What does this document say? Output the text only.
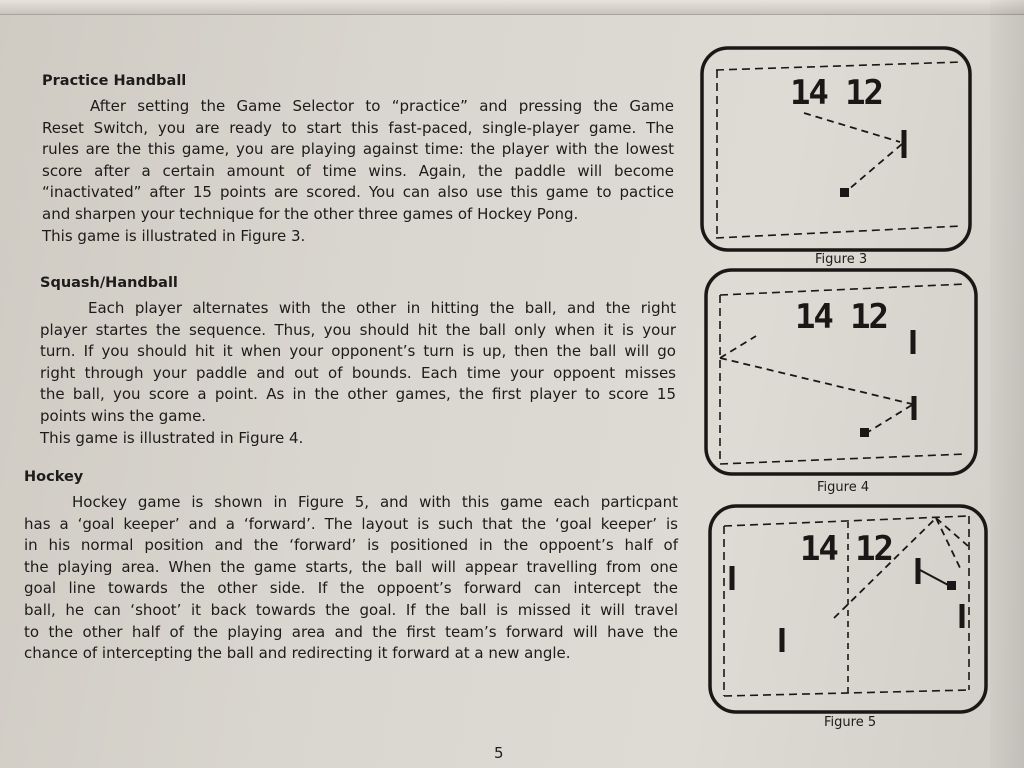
Practice Handball
After setting the Game Selector to “practice” and pressing the Game
Reset Switch, you are ready to start this fast-paced, single-player game. The
rules are the this game, you are playing against time: the player with the lowest
score after a certain amount of time wins. Again, the paddle will become
“inactivated” after 15 points are scored. You can also use this game to pactice
and sharpen your technique for the other three games of Hockey Pong.
This game is illustrated in Figure 3.
Squash/Handball
Each player alternates with the other in hitting the ball, and the right
player startes the sequence. Thus, you should hit the ball only when it is your
turn. If you should hit it when your opponent’s turn is up, then the ball will go
right through your paddle and out of bounds. Each time your oppoent misses
the ball, you score a point. As in the other games, the first player to score 15
points wins the game.
This game is illustrated in Figure 4.
Hockey
Hockey game is shown in Figure 5, and with this game each particpant
has a ‘goal keeper’ and a ‘forward’. The layout is such that the ‘goal keeper’ is
in his normal position and the ‘forward’ is positioned in the oppoent’s half of
the playing area. When the game starts, the ball will appear travelling from one
goal line towards the other side. If the oppoent’s forward can intercept the
ball, he can ‘shoot’ it back towards the goal. If the ball is missed it will travel
to the other half of the playing area and the first team’s forward will have the
chance of intercepting the ball and redirecting it forward at a new angle.
14 12
14 12
14 12
Figure 3
Figure 4
Figure 5
5
